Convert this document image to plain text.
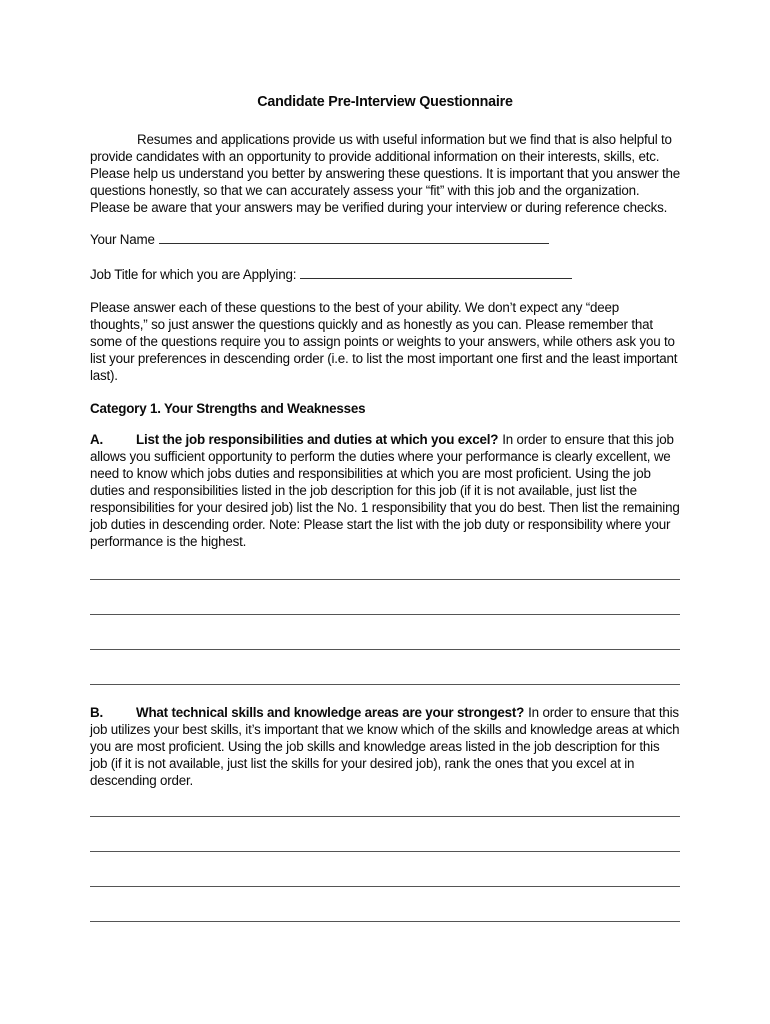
Candidate Pre-Interview Questionnaire

Resumes and applications provide us with useful information but we find that is also helpful to provide candidates with an opportunity to provide additional information on their interests, skills, etc. Please help us understand you better by answering these questions. It is important that you answer the questions honestly, so that we can accurately assess your “fit” with this job and the organization. Please be aware that your answers may be verified during your interview or during reference checks.

Your Name
Job Title for which you are Applying:

Please answer each of these questions to the best of your ability. We don’t expect any “deep thoughts,” so just answer the questions quickly and as honestly as you can. Please remember that some of the questions require you to assign points or weights to your answers, while others ask you to list your preferences in descending order (i.e. to list the most important one first and the least important last).

Category 1. Your Strengths and Weaknesses

A. List the job responsibilities and duties at which you excel? In order to ensure that this job allows you sufficient opportunity to perform the duties where your performance is clearly excellent, we need to know which jobs duties and responsibilities at which you are most proficient. Using the job duties and responsibilities listed in the job description for this job (if it is not available, just list the responsibilities for your desired job) list the No. 1 responsibility that you do best. Then list the remaining job duties in descending order. Note: Please start the list with the job duty or responsibility where your performance is the highest.

B. What technical skills and knowledge areas are your strongest? In order to ensure that this job utilizes your best skills, it’s important that we know which of the skills and knowledge areas at which you are most proficient. Using the job skills and knowledge areas listed in the job description for this job (if it is not available, just list the skills for your desired job), rank the ones that you excel at in descending order.
